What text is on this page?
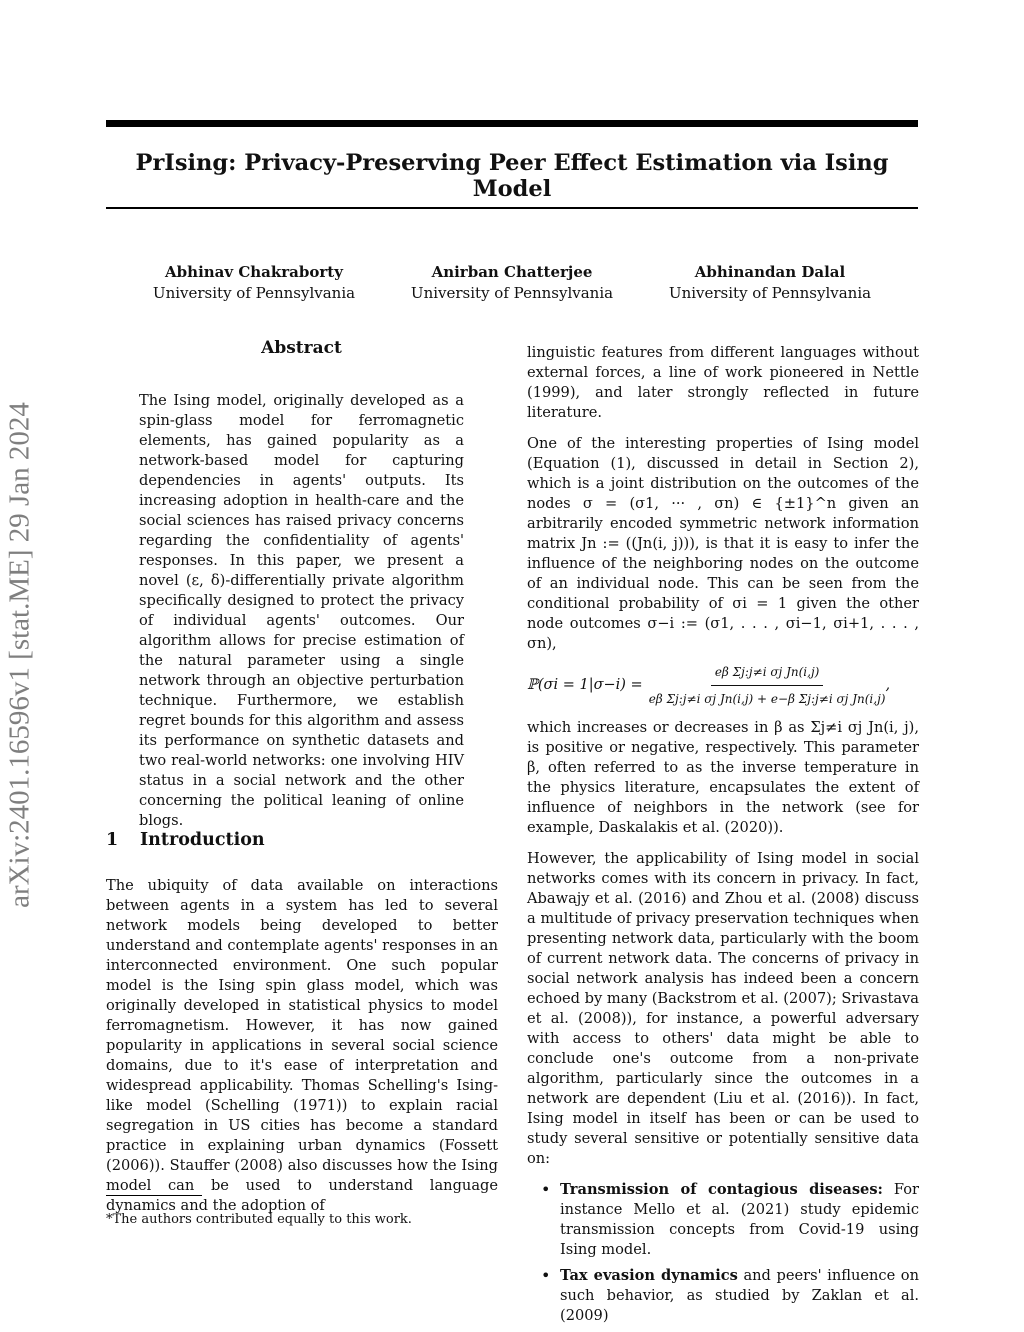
PrIsing: Privacy-Preserving Peer Effect Estimation via Ising Model
Abhinav Chakraborty
University of Pennsylvania
Anirban Chatterjee
University of Pennsylvania
Abhinandan Dalal
University of Pennsylvania
arXiv:2401.16596v1 [stat.ME] 29 Jan 2024
Abstract
The Ising model, originally developed as a spin-glass model for ferromagnetic elements, has gained popularity as a network-based model for capturing dependencies in agents' outputs. Its increasing adoption in health-care and the social sciences has raised privacy concerns regarding the confidentiality of agents' responses. In this paper, we present a novel (ε, δ)-differentially private algorithm specifically designed to protect the privacy of individual agents' outcomes. Our algorithm allows for precise estimation of the natural parameter using a single network through an objective perturbation technique. Furthermore, we establish regret bounds for this algorithm and assess its performance on synthetic datasets and two real-world networks: one involving HIV status in a social network and the other concerning the political leaning of online blogs.
1 Introduction
The ubiquity of data available on interactions between agents in a system has led to several network models being developed to better understand and contemplate agents' responses in an interconnected environment. One such popular model is the Ising spin glass model, which was originally developed in statistical physics to model ferromagnetism. However, it has now gained popularity in applications in several social science domains, due to it's ease of interpretation and widespread applicability. Thomas Schelling's Ising-like model (Schelling (1971)) to explain racial segregation in US cities has become a standard practice in explaining urban dynamics (Fossett (2006)). Stauffer (2008) also discusses how the Ising model can be used to understand language dynamics and the adoption of
*The authors contributed equally to this work.

linguistic features from different languages without external forces, a line of work pioneered in Nettle (1999), and later strongly reflected in future literature.

One of the interesting properties of Ising model (Equation (1), discussed in detail in Section 2), which is a joint distribution on the outcomes of the nodes σ = (σ1, ··· , σn) ∈ {±1}^n given an arbitrarily encoded symmetric network information matrix Jn := ((Jn(i, j))), is that it is easy to infer the influence of the neighboring nodes on the outcome of an individual node. This can be seen from the conditional probability of σi = 1 given the other node outcomes σ−i := (σ1, . . . , σi−1, σi+1, . . . , σn),

ℙ(σi = $1|\sigma-i) = \frac{\text{eβ Σj:j≠i σj Jn(i,j)}}{\text{eβ Σj:j≠i σj Jn(i,j) + e−β Σj:j≠i σj Jn(i,j)}}$ ,

which increases or decreases in β as Σj≠i σj Jn(i, j), is positive or negative, respectively. This parameter β, often referred to as the inverse temperature in the physics literature, encapsulates the extent of influence of neighbors in the network (see for example, Daskalakis et al. (2020)).

However, the applicability of Ising model in social networks comes with its concern in privacy. In fact, Abawajy et al. (2016) and Zhou et al. (2008) discuss a multitude of privacy preservation techniques when presenting network data, particularly with the boom of current network data. The concerns of privacy in social network analysis has indeed been a concern echoed by many (Backstrom et al. (2007); Srivastava et al. (2008)), for instance, a powerful adversary with access to others' data might be able to conclude one's outcome from a non-private algorithm, particularly since the outcomes in a network are dependent (Liu et al. (2016)). In fact, Ising model in itself has been or can be used to study several sensitive or potentially sensitive data on:

• Transmission of contagious diseases: For instance Mello et al. (2021) study epidemic transmission concepts from Covid-19 using Ising model.
• Tax evasion dynamics and peers' influence on such behavior, as studied by Zaklan et al. (2009)
